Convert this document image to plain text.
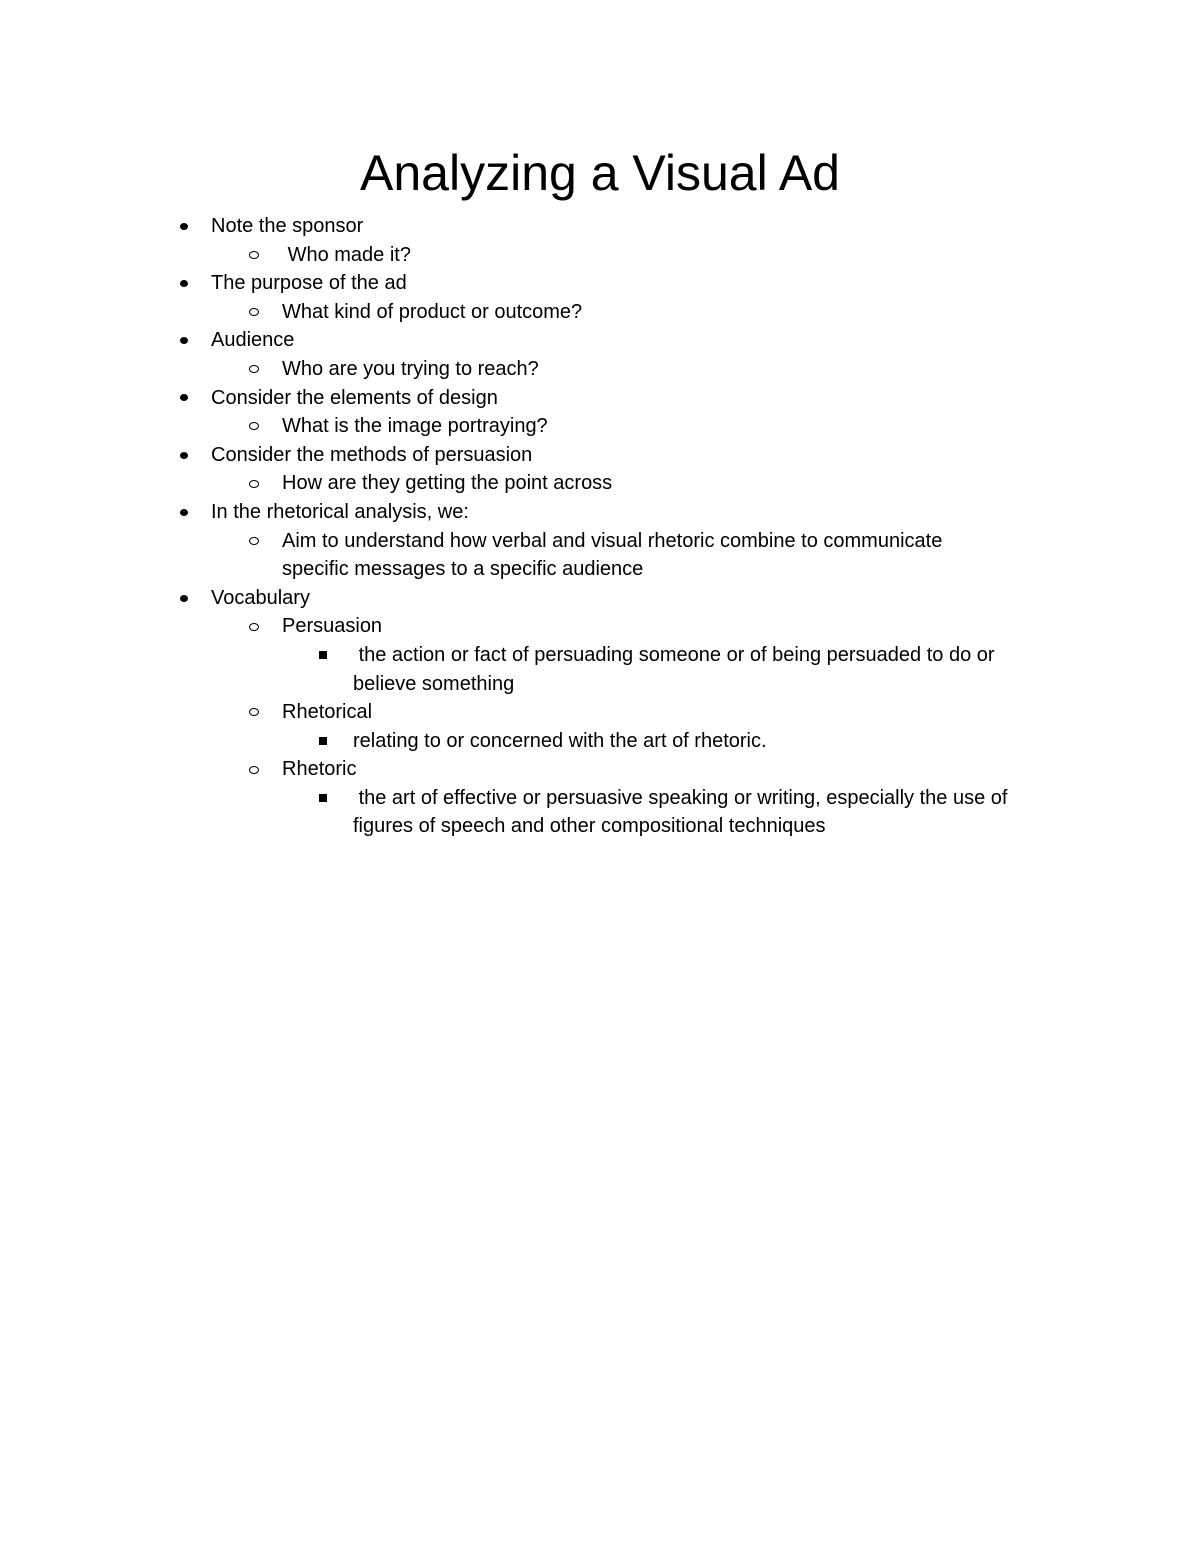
Analyzing a Visual Ad
Note the sponsor
Who made it?
The purpose of the ad
What kind of product or outcome?
Audience
Who are you trying to reach?
Consider the elements of design
What is the image portraying?
Consider the methods of persuasion
How are they getting the point across
In the rhetorical analysis, we:
Aim to understand how verbal and visual rhetoric combine to communicate specific messages to a specific audience
Vocabulary
Persuasion
the action or fact of persuading someone or of being persuaded to do or believe something
Rhetorical
relating to or concerned with the art of rhetoric.
Rhetoric
the art of effective or persuasive speaking or writing, especially the use of figures of speech and other compositional techniques
